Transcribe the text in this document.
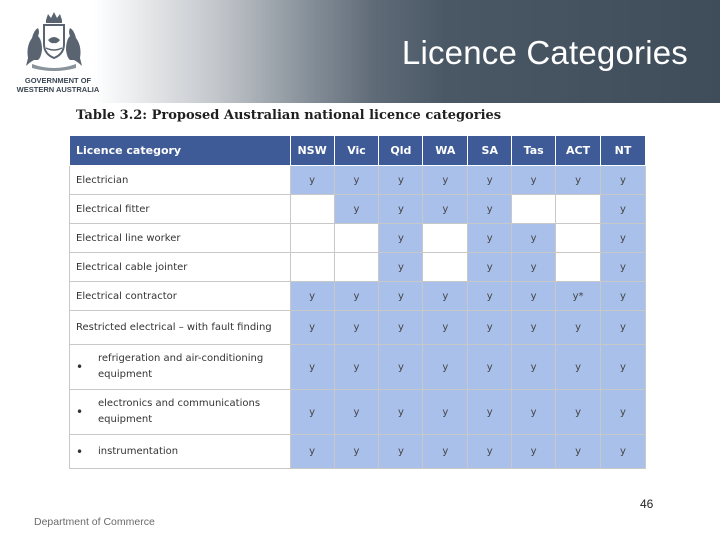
GOVERNMENT OF
WESTERN AUSTRALIA
Licence Categories
Table 3.2: Proposed Australian national licence categories
Licence category	NSW	Vic	Qld	WA	SA	Tas	ACT	NT
Electrician	y	y	y	y	y	y	y	y
Electrical fitter		y	y	y	y			y
Electrical line worker			y		y	y		y
Electrical cable jointer			y		y	y		y
Electrical contractor	y	y	y	y	y	y	y*	y
Restricted electrical – with fault finding	y	y	y	y	y	y	y	y

•
refrigeration and air-conditioning equipment	y	y	y	y	y	y	y	y

•
electronics and communications equipment	y	y	y	y	y	y	y	y

• instrumentation	y	y	y	y	y	y	y	y
46
Department of Commerce
